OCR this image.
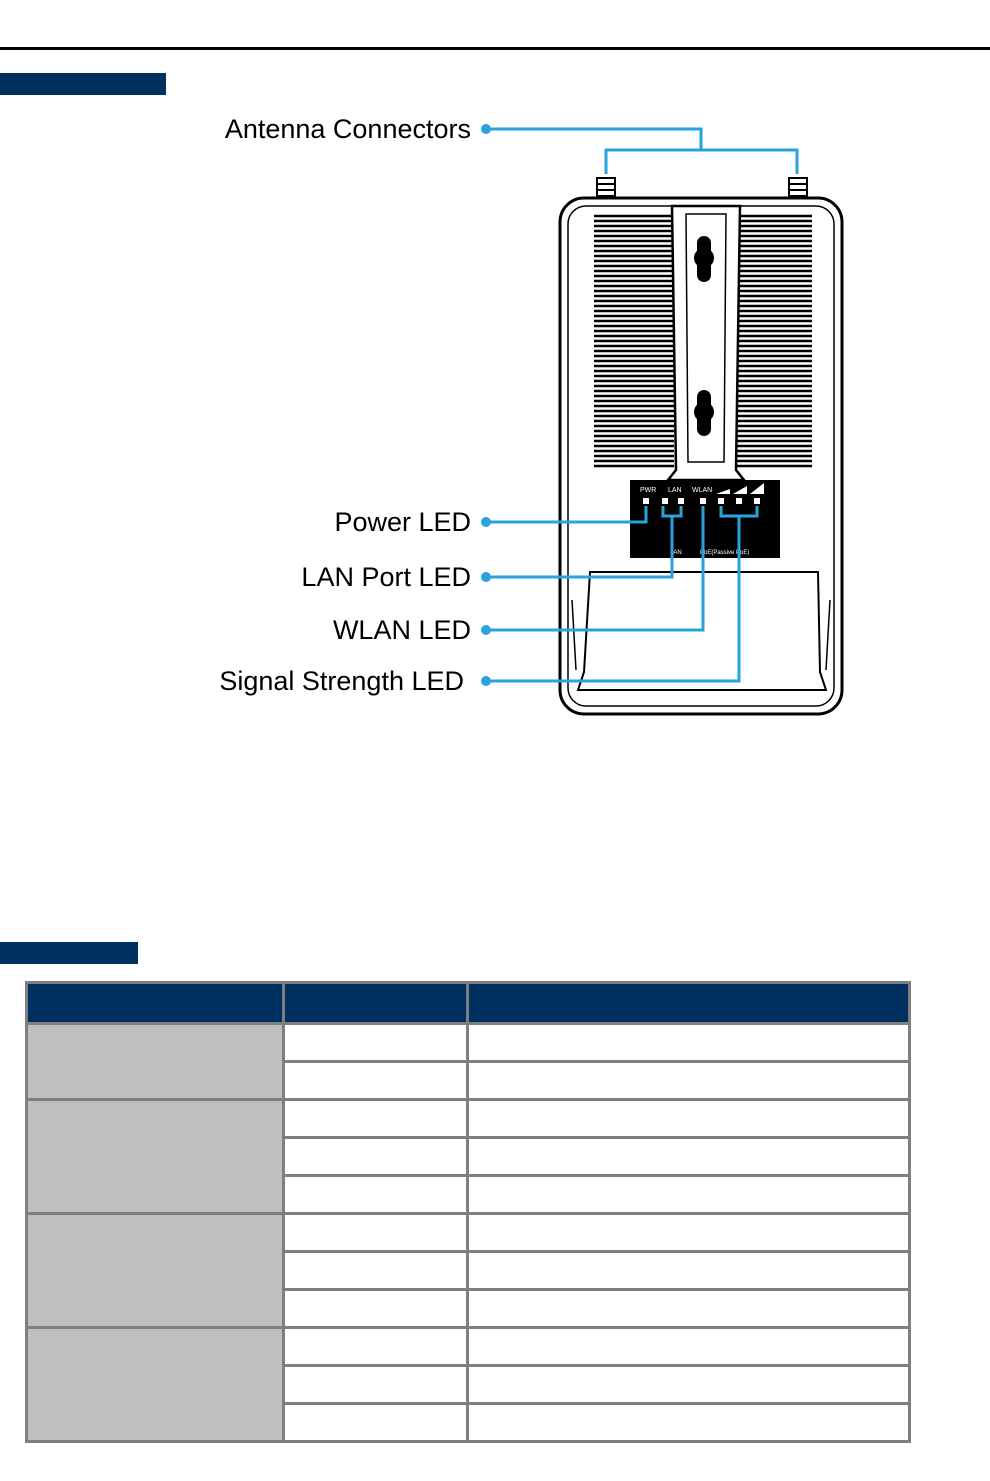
PWR LAN WLAN
LAN	PoE(Passive PoE)
Antenna Connectors
Power LED
LAN Port LED
WLAN LED
Signal Strength LED
